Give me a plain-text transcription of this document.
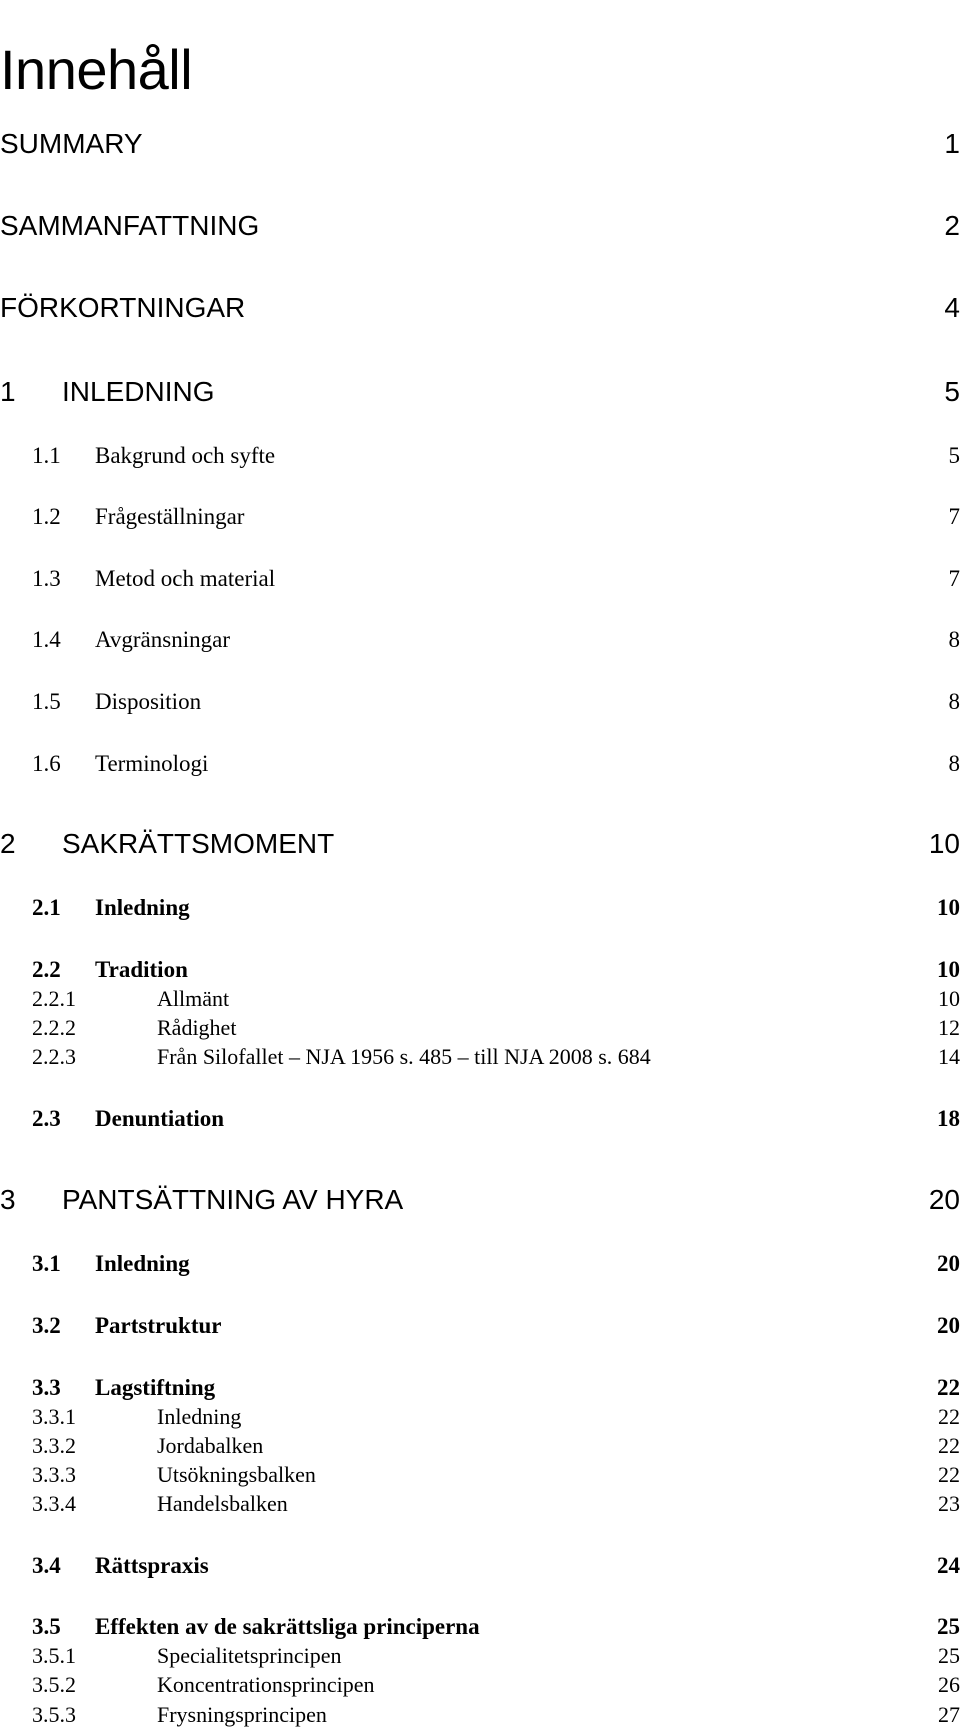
Innehåll
SUMMARY	1
SAMMANFATTNING	2
FÖRKORTNINGAR	4
1 INLEDNING	5
1.1 Bakgrund och syfte	5
1.2 Frågeställningar	7
1.3 Metod och material	7
1.4 Avgränsningar	8
1.5 Disposition	8
1.6 Terminologi	8
2 SAKRÄTTSMOMENT	10
2.1 Inledning	10
2.2 Tradition	10
2.2.1	Allmänt	10
2.2.2	Rådighet	12
2.2.3	Från Silofallet – NJA 1956 s. 485 – till NJA 2008 s. 684	14
2.3 Denuntiation	18
3 PANTSÄTTNING AV HYRA	20
3.1 Inledning	20
3.2 Partstruktur	20
3.3 Lagstiftning	22
3.3.1	Inledning	22
3.3.2	Jordabalken	22
3.3.3	Utsökningsbalken	22
3.3.4	Handelsbalken	23
3.4 Rättspraxis	24
3.5 Effekten av de sakrättsliga principerna	25
3.5.1	Specialitetsprincipen	25
3.5.2	Koncentrationsprincipen	26
3.5.3	Frysningsprincipen	27
